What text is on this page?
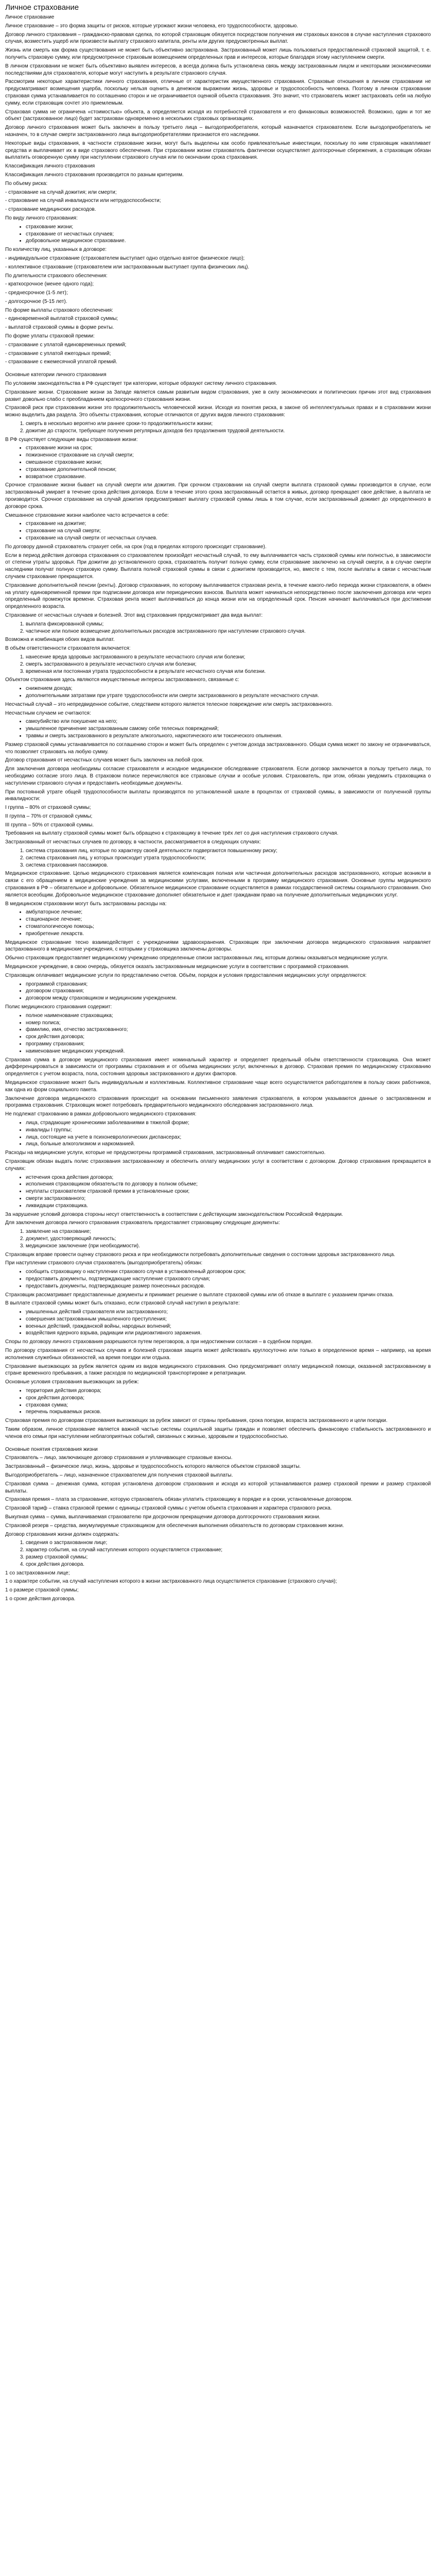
Личное страхование
Личное страхование
Личное страхование – это форма защиты от рисков, которые угрожают жизни человека, его трудоспособности, здоровью.
Договор личного страхования – гражданско-правовая сделка, по которой страховщик обязуется посредством получения им страховых взносов в случае наступления страхового случая, возместить ущерб или произвести выплату страхового капитала, ренты или других предусмотренных выплат.
Жизнь или смерть как форма существования не может быть объективно застрахована. Застрахованный может лишь пользоваться предоставленной страховой защитой, т. е. получить страховую сумму, или предусмотренное страховым возмещением определенных прав и интересов, которые благодаря этому наступлением смерти.
В личном страховании не может быть объективно выявлен интересов, а всегда должна быть установлена связь между застрахованным лицом и некоторыми экономическими последствиями для страхователя, которые могут наступить в результате страхового случая.
Рассмотрим некоторые характеристики личного страхования, отличные от характеристик имущественного страхования. Страховые отношения в личном страховании не предусматривают возмещения ущерба, поскольку нельзя оценить в денежном выражении жизнь, здоровье и трудоспособность человека. Поэтому в личном страховании страховая сумма устанавливается по соглашению сторон и не ограничивается оценкой объекта страхования. Это значит, что страхователь может застраховать себя на любую сумму, если страховщик сочтет это приемлемым.
Страховая сумма не ограничена «стоимостью» объекта, а определяется исходя из потребностей страхователя и его финансовых возможностей. Возможно, один и тот же объект (застрахованное лицо) будет застрахован одновременно в нескольких страховых организациях.
Договор личного страхования может быть заключен в пользу третьего лица – выгодоприобретателя, который назначается страхователем. Если выгодоприобретатель не назначен, то в случае смерти застрахованного лица выгодоприобретателями признаются его наследники.
Некоторые виды страхования, в частности страхование жизни, могут быть выделены как особо привлекательные инвестиции, поскольку по ним страховщик накапливает средства и выплачивает их в виде страхового обеспечения. При страховании жизни страхователь фактически осуществляет долгосрочные сбережения, а страховщик обязан выплатить оговоренную сумму при наступлении страхового случая или по окончании срока страхования.
Классификация личного страхования
Классификация личного страхования производится по разным критериям.
По объему риска:
- страхование на случай дожития; или смерти;
- страхование на случай инвалидности или нетрудоспособности;
- страхование медицинских расходов.
По виду личного страхования:
• страхование жизни;
• страхование от несчастных случаев;
• добровольное медицинское страхование.
По количеству лиц, указанных в договоре:
- индивидуальное страхование (страхователем выступает одно отдельно взятое физическое лицо);
- коллективное страхование (страхователем или застрахованным выступает группа физических лиц).
По длительности страхового обеспечения:
- краткосрочное (менее одного года);
- среднесрочное (1-5 лет);
- долгосрочное (5-15 лет).
По форме выплаты страхового обеспечения:
- единовременной выплатой страховой суммы;
- выплатой страховой суммы в форме ренты.
По форме уплаты страховой премии:
- страхование с уплатой единовременных премий;
- страхование с уплатой ежегодных премий;
- страхование с ежемесячной уплатой премий.
Основные категории личного страхования
По условиям законодательства в РФ существует три категории, которые образуют систему личного страхования.
Страхование жизни. Страхование жизни за Западе является самым развитым видом страхования, уже в силу экономических и политических причин этот вид страхования развит довольно слабо с преобладанием краткосрочного страхования жизни.
Страховой риск при страховании жизни это продолжительность человеческой жизни. Исходя из понятия риска, в законе об интеллектуальных правах и в страховании жизни можно выделить два раздела. Это объекты страхования, которые отличаются от других видов личного страхования:
1. смерть в несколько вероятно или раннее сроки-то продолжительности жизни;
2. дожитие до старости, требующее получения регулярных доходов без продолжения трудовой деятельности.
В РФ существует следующие виды страхования жизни:
• страхование жизни на срок;
• пожизненное страхование на случай смерти;
• смешанное страхование жизни;
• страхование дополнительной пенсии;
• возвратное страхование.
Срочное страхование жизни бывает на случай смерти или дожития. При срочном страховании на случай смерти выплата страховой суммы производится в случае, если застрахованный умирает в течение срока действия договора. Если в течение этого срока застрахованный остается в живых, договор прекращает свое действие, а выплата не производится. Срочное страхование на случай дожития предусматривает выплату страховой суммы лишь в том случае, если застрахованный доживет до определенного в договоре срока.
Смешанное страхование жизни наиболее часто встречается в себе:
• страхование на дожитие;
• страхование на случай смерти;
• страхование на случай смерти от несчастных случаев.
По договору данной страхователь страхует себя, на срок (год в пределах которого происходит страхование).
Если в период действия договора страхования со страхователем произойдет несчастный случай, то ему выплачивается часть страховой суммы или полностью, в зависимости от степени утраты здоровья. При дожитии до установленного срока, страхователь получит полную сумму, если страхование заключено на случай смерти, а в случае смерти наследники получат полную страховую сумму. Выплата полной страховой суммы в связи с дожитием производится, но, вместе с тем, после выплаты в связи с несчастным случаем страхование прекращается.
Страхование дополнительной пенсии (ренты). Договор страхования, по которому выплачивается страховая рента, в течение какого-либо периода жизни страхователя, в обмен на уплату единовременной премии при подписании договора или периодических взносов. Выплата может начинаться непосредственно после заключения договора или через определенный промежуток времени. Страховая рента может выплачиваться до конца жизни или на определенный срок. Пенсия начинает выплачиваться при достижении определенного возраста.
Страхование от несчастных случаев и болезней. Этот вид страхования предусматривает два вида выплат:
1. выплата фиксированной суммы;
2. частичное или полное возмещение дополнительных расходов застрахованного при наступлении страхового случая.
Возможна и комбинация обоих видов выплат.
В объём ответственности страхователя включается:
1. нанесение вреда здоровью застрахованного в результате несчастного случая или болезни;
2. смерть застрахованного в результате несчастного случая или болезни;
3. временная или постоянная утрата трудоспособности в результате несчастного случая или болезни.
Объектом страхования здесь являются имущественные интересы застрахованного, связанные с:
• снижением дохода;
• дополнительными затратами при утрате трудоспособности или смерти застрахованного в результате несчастного случая.
Несчастный случай – это непредвиденное событие, следствием которого является телесное повреждение или смерть застрахованного.
Несчастным случаем не считаются:
• самоубийство или покушение на него;
• умышленное причинение застрахованным самому себе телесных повреждений;
• травмы и смерть застрахованного в результате алкогольного, наркотического или токсического опьянения.
Размер страховой суммы устанавливается по соглашению сторон и может быть определен с учетом дохода застрахованного. Общая сумма может по закону не ограничиваться, что позволяет страховать на любую сумму.
Договор страхования от несчастных случаев может быть заключен на любой срок.
Для заключения договора необходимы согласие страхователя и исходное медицинское обследование страхователя. Если договор заключается в пользу третьего лица, то необходимо согласие этого лица. В страховом полисе перечисляются все страховые случаи и особые условия. Страхователь, при этом, обязан уведомить страховщика о наступлении страхового случая и предоставить необходимые документы.
При постоянной утрате общей трудоспособности выплаты производятся по установленной шкале в процентах от страховой суммы, в зависимости от полученной группы инвалидности:
I группа – 80% от страховой суммы;
II группа – 70% от страховой суммы;
III группа – 50% от страховой суммы.
Требования на выплату страховой суммы может быть обращено к страховщику в течение трёх лет со дня наступления страхового случая.
Застрахованный от несчастных случаев по договору, в частности, рассматривается в следующих случаях:
1. система страхования лиц, которые по характеру своей деятельности подвергаются повышенному риску;
2. система страхования лиц, у которых происходит утрата трудоспособности;
3. система страхования пассажиров.
Медицинское страхование. Целью медицинского страхования является компенсация полная или частичная дополнительных расходов застрахованного, которые возникли в связи с его обращением в медицинские учреждения за медицинскими услугами, включенными в программу медицинского страхования. Основные группы медицинского страхования в РФ – обязательное и добровольное. Обязательное медицинское страхование осуществляется в рамках государственной системы социального страхования. Оно является всеобщим. Добровольное медицинское страхование дополняет обязательное и дает гражданам право на получение дополнительных медицинских услуг.
В медицинском страховании могут быть застрахованы расходы на:
• амбулаторное лечение;
• стационарное лечение;
• стоматологическую помощь;
• приобретение лекарств.
Медицинское страхование тесно взаимодействует с учреждениями здравоохранения. Страховщик при заключении договора медицинского страхования направляет застрахованного в медицинские учреждения, с которыми у страховщика заключены договоры.
Обычно страховщик предоставляет медицинскому учреждению определенные списки застрахованных лиц, которым должны оказываться медицинские услуги.
Медицинское учреждение, в свою очередь, обязуется оказать застрахованным медицинские услуги в соответствии с программой страхования.
Страховщик оплачивает медицинские услуги по представлению счетов. Объём, порядок и условия предоставления медицинских услуг определяются:
• программой страхования;
• договором страхования;
• договором между страховщиком и медицинским учреждением.
Полис медицинского страхования содержит:
• полное наименование страховщика;
• номер полиса;
• фамилию, имя, отчество застрахованного;
• срок действия договора;
• программу страхования;
• наименование медицинских учреждений.
Страховая сумма в договоре медицинского страхования имеет номинальный характер и определяет предельный объём ответственности страховщика. Она может дифференцироваться в зависимости от программы страхования и от объема медицинских услуг, включенных в договор. Страховая премия по медицинскому страхованию определяется с учетом возраста, пола, состояния здоровья застрахованного и других факторов.
Медицинское страхование может быть индивидуальным и коллективным. Коллективное страхование чаще всего осуществляется работодателем в пользу своих работников, как одна из форм социального пакета.
Заключение договора медицинского страхования происходит на основании письменного заявления страхователя, в котором указываются данные о застрахованном и программа страхования. Страховщик может потребовать предварительного медицинского обследования застрахованного лица.
Не подлежат страхованию в рамках добровольного медицинского страхования:
• лица, страдающие хроническими заболеваниями в тяжелой форме;
• инвалиды I группы;
• лица, состоящие на учете в психоневрологических диспансерах;
• лица, больные алкоголизмом и наркоманией.
Расходы на медицинские услуги, которые не предусмотрены программой страхования, застрахованный оплачивает самостоятельно.
Страховщик обязан выдать полис страхования застрахованному и обеспечить оплату медицинских услуг в соответствии с договором. Договор страхования прекращается в случаях:
• истечения срока действия договора;
• исполнения страховщиком обязательств по договору в полном объеме;
• неуплаты страхователем страховой премии в установленные сроки;
• смерти застрахованного;
• ликвидации страховщика.
За нарушение условий договора стороны несут ответственность в соответствии с действующим законодательством Российской Федерации.
Для заключения договора личного страхования страхователь предоставляет страховщику следующие документы:
1. заявление на страхование;
2. документ, удостоверяющий личность;
3. медицинское заключение (при необходимости).
Страховщик вправе провести оценку страхового риска и при необходимости потребовать дополнительные сведения о состоянии здоровья застрахованного лица.
При наступлении страхового случая страхователь (выгодоприобретатель) обязан:
• сообщить страховщику о наступлении страхового случая в установленный договором срок;
• предоставить документы, подтверждающие наступление страхового случая;
• предоставить документы, подтверждающие размер понесенных расходов.
Страховщик рассматривает предоставленные документы и принимает решение о выплате страховой суммы или об отказе в выплате с указанием причин отказа.
В выплате страховой суммы может быть отказано, если страховой случай наступил в результате:
• умышленных действий страхователя или застрахованного;
• совершения застрахованным умышленного преступления;
• военных действий, гражданской войны, народных волнений;
• воздействия ядерного взрыва, радиации или радиоактивного заражения.
Споры по договору личного страхования разрешаются путем переговоров, а при недостижении согласия – в судебном порядке.
По договору страхования от несчастных случаев и болезней страховая защита может действовать круглосуточно или только в определенное время – например, на время исполнения служебных обязанностей, на время поездки или отдыха.
Страхование выезжающих за рубеж является одним из видов медицинского страхования. Оно предусматривает оплату медицинской помощи, оказанной застрахованному в стране временного пребывания, а также расходов по медицинской транспортировке и репатриации.
Основные условия страхования выезжающих за рубеж:
• территория действия договора;
• срок действия договора;
• страховая сумма;
• перечень покрываемых рисков.
Страховая премия по договорам страхования выезжающих за рубеж зависит от страны пребывания, срока поездки, возраста застрахованного и цели поездки.
Таким образом, личное страхование является важной частью системы социальной защиты граждан и позволяет обеспечить финансовую стабильность застрахованного и членов его семьи при наступлении неблагоприятных событий, связанных с жизнью, здоровьем и трудоспособностью.
Основные понятия страхования жизни
Страхователь – лицо, заключающее договор страхования и уплачивающее страховые взносы.
Застрахованный – физическое лицо, жизнь, здоровье и трудоспособность которого являются объектом страховой защиты.
Выгодоприобретатель – лицо, назначенное страхователем для получения страховой выплаты.
Страховая сумма – денежная сумма, которая установлена договором страхования и исходя из которой устанавливаются размер страховой премии и размер страховой выплаты.
Страховая премия – плата за страхование, которую страхователь обязан уплатить страховщику в порядке и в сроки, установленные договором.
Страховой тариф – ставка страховой премии с единицы страховой суммы с учетом объекта страхования и характера страхового риска.
Выкупная сумма – сумма, выплачиваемая страхователю при досрочном прекращении договора долгосрочного страхования жизни.
Страховой резерв – средства, аккумулируемые страховщиком для обеспечения выполнения обязательств по договорам страхования жизни.
Договор страхования жизни должен содержать:
1. сведения о застрахованном лице;
2. характер события, на случай наступления которого осуществляется страхование;
3. размер страховой суммы;
4. срок действия договора.
1 со застрахованном лице;
1 о характере событии, на случай наступления которого в жизни застрахованного лица осуществляется страхование (страхового случая);
1 о размере страховой суммы;
1 о сроке действия договора.
